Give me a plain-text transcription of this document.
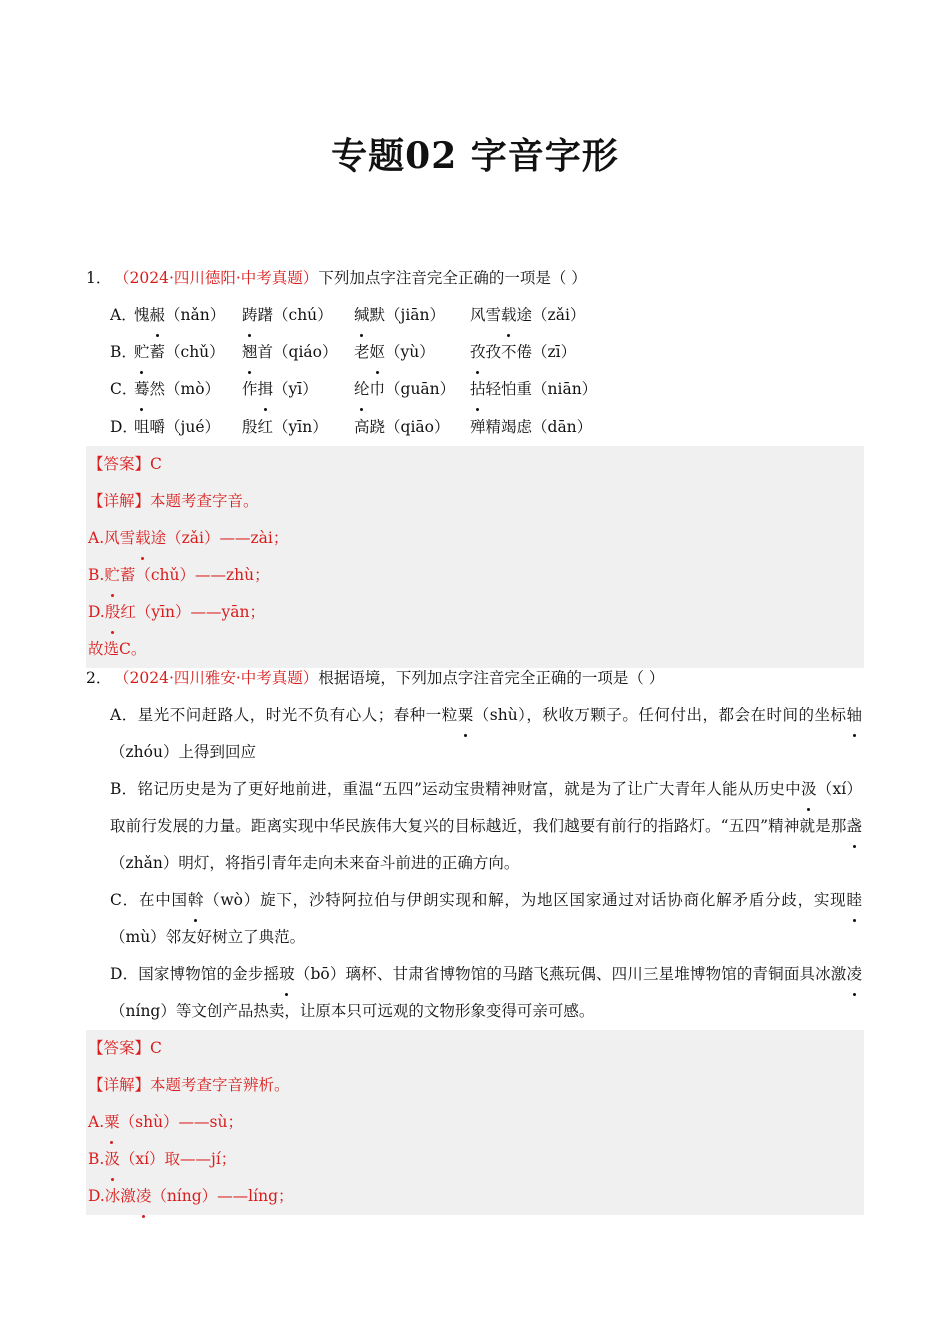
专题02 字音字形
1． （2024·四川德阳·中考真题）下列加点字注音完全正确的一项是（ ）
A．
愧赧（nǎn） 踌躇（chú） 缄默（jiān） 风雪载途（zǎi）
B．
贮蓄（chǔ） 翘首（qiáo） 老妪（yù） 孜孜不倦（zī）
C．
蓦然（mò） 作揖（yī） 纶巾（guān） 拈轻怕重（niān）
D．
咀嚼（jué） 殷红（yīn） 高跷（qiāo） 殚精竭虑（dān）
【答案】C
【详解】本题考查字音。
A.风雪载途（zǎi）——zài；
B.贮蓄（chǔ）——zhù；
D.殷红（yīn）——yān；
故选C。
2． （2024·四川雅安·中考真题）根据语境，下列加点字注音完全正确的一项是（ ）
A．星光不问赶路人，时光不负有心人；春种一粒粟（shù），秋收万颗子。任何付出，都会在时间的坐标轴（zhóu）上得到回应
B．铭记历史是为了更好地前进，重温“五四”运动宝贵精神财富，就是为了让广大青年人能从历史中汲（xí）取前行发展的力量。距离实现中华民族伟大复兴的目标越近，我们越要有前行的指路灯。“五四”精神就是那盏（zhǎn）明灯，将指引青年走向未来奋斗前进的正确方向。
C．在中国斡（wò）旋下，沙特阿拉伯与伊朗实现和解，为地区国家通过对话协商化解矛盾分歧，实现睦（mù）邻友好树立了典范。
D．国家博物馆的金步摇玻（bō）璃杯、甘肃省博物馆的马踏飞燕玩偶、四川三星堆博物馆的青铜面具冰激凌（níng）等文创产品热卖，让原本只可远观的文物形象变得可亲可感。
【答案】C
【详解】本题考查字音辨析。
A.粟（shù）——sù；
B.汲（xí）取——jí；
D.冰激凌（níng）——líng；
